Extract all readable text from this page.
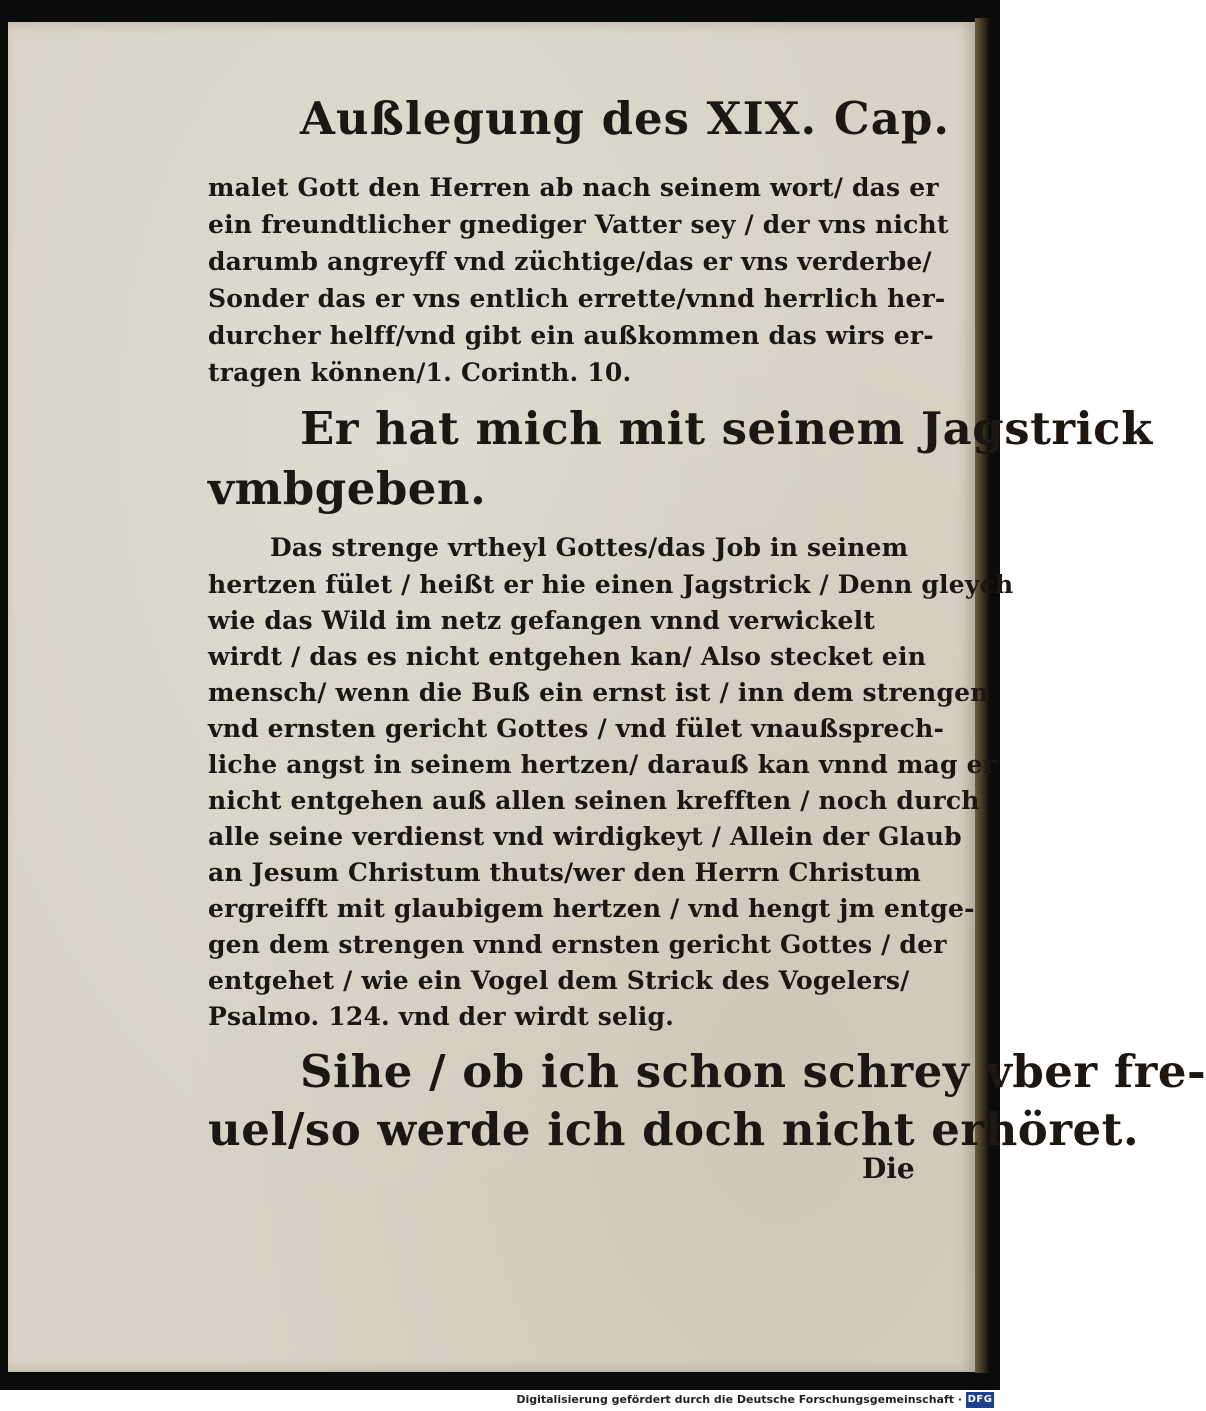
Außlegung des XIX. Cap.
malet Gott den Herren ab nach seinem wort/ das er
ein freundtlicher gnediger Vatter sey / der vns nicht
darumb angreyff vnd züchtige/das er vns verderbe/
Sonder das er vns entlich errette/vnnd herrlich her-
durcher helff/vnd gibt ein außkommen das wirs er-
tragen können/1. Corinth. 10.
Er hat mich mit seinem Jagstrick
vmbgeben.
Das strenge vrtheyl Gottes/das Job in seinem
hertzen fület / heißt er hie einen Jagstrick / Denn gleych
wie das Wild im netz gefangen vnnd verwickelt
wirdt / das es nicht entgehen kan/ Also stecket ein
mensch/ wenn die Buß ein ernst ist / inn dem strengen
vnd ernsten gericht Gottes / vnd fület vnaußsprech-
liche angst in seinem hertzen/ darauß kan vnnd mag er
nicht entgehen auß allen seinen krefften / noch durch
alle seine verdienst vnd wirdigkeyt / Allein der Glaub
an Jesum Christum thuts/wer den Herrn Christum
ergreifft mit glaubigem hertzen / vnd hengt jm entge-
gen dem strengen vnnd ernsten gericht Gottes / der
entgehet / wie ein Vogel dem Strick des Vogelers/
Psalmo. 124. vnd der wirdt selig.
Sihe / ob ich schon schrey vber fre-
uel/so werde ich doch nicht erhöret.
Die
Digitalisierung gefördert durch die Deutsche Forschungsgemeinschaft · DFG
